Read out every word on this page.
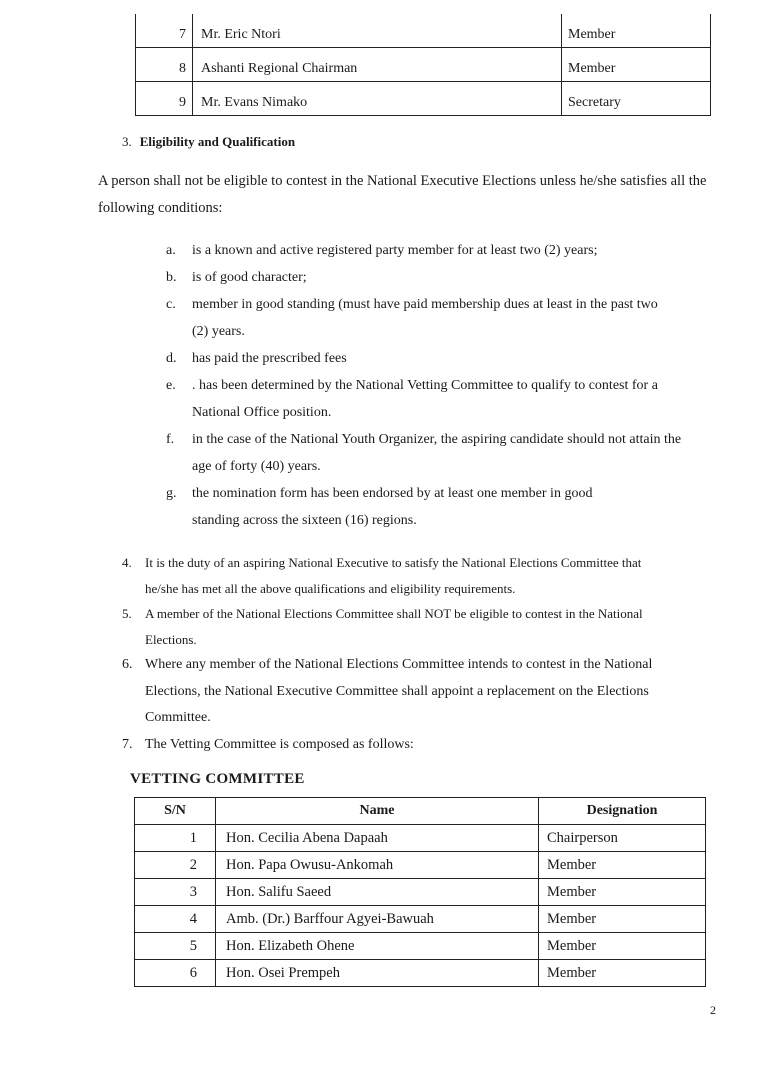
7	Mr. Eric Ntori	Member
8	Ashanti Regional Chairman	Member
9	Mr. Evans Nimako	Secretary
3. Eligibility and Qualification
A person shall not be eligible to contest in the National Executive Elections unless he/she satisfies all the following conditions:
a.	is a known and active registered party member for at least two (2) years;
b.	is of good character;
c.	member in good standing (must have paid membership dues at least in the past two (2) years.
d.	has paid the prescribed fees
e.	. has been determined by the National Vetting Committee to qualify to contest for a National Office position.
f.	in the case of the National Youth Organizer, the aspiring candidate should not attain the age of forty (40) years.
g.	the nomination form has been endorsed by at least one member in good standing across the sixteen (16) regions.
4.	It is the duty of an aspiring National Executive to satisfy the National Elections Committee that he/she has met all the above qualifications and eligibility requirements.
5.	A member of the National Elections Committee shall NOT be eligible to contest in the National Elections.
6. Where any member of the National Elections Committee intends to contest in the National Elections, the National Executive Committee shall appoint a replacement on the Elections Committee.
7. The Vetting Committee is composed as follows:
VETTING COMMITTEE
S/N	Name	Designation
1	Hon. Cecilia Abena Dapaah	Chairperson
2	Hon. Papa Owusu-Ankomah	Member
3	Hon. Salifu Saeed	Member
4	Amb. (Dr.) Barffour Agyei-Bawuah	Member
5	Hon. Elizabeth Ohene	Member
6	Hon. Osei Prempeh	Member
2
